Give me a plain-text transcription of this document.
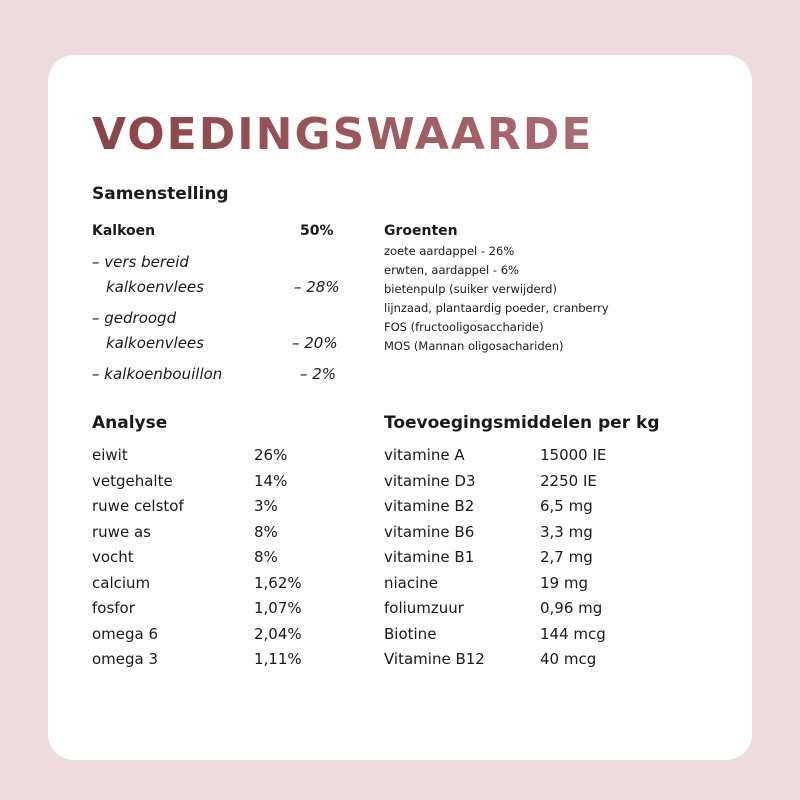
VOEDINGSWAARDE
Samenstelling
Kalkoen	50%
– vers bereid
kalkoenvlees	– 28%
– gedroogd
kalkoenvlees	– 20%
– kalkoenbouillon	– 2%
Groenten
zoete aardappel - 26%
erwten, aardappel - 6%
bietenpulp (suiker verwijderd)
lijnzaad, plantaardig poeder, cranberry
FOS (fructooligosaccharide)
MOS (Mannan oligosachariden)
Analyse
eiwit	26%
vetgehalte	14%
ruwe celstof	3%
ruwe as	8%
vocht	8%
calcium	1,62%
fosfor	1,07%
omega 6	2,04%
omega 3	1,11%
Toevoegingsmiddelen per kg
vitamine A	15000 IE
vitamine D3	2250 IE
vitamine B2	6,5 mg
vitamine B6	3,3 mg
vitamine B1	2,7 mg
niacine	19 mg
foliumzuur	0,96 mg
Biotine	144 mcg
Vitamine B12	40 mcg
